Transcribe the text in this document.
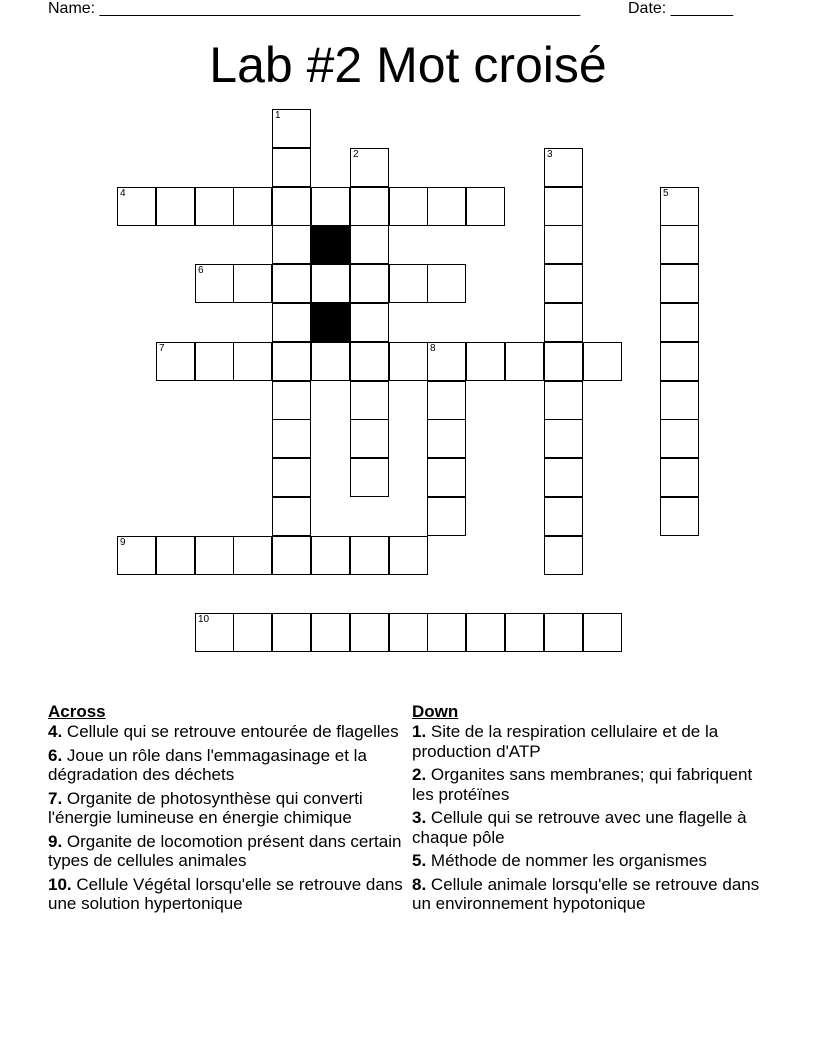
Name: ______________________________________________________	Date: _______
Lab #2 Mot croisé
1
2	3
5
8
4
6
7
9
10
Across
4. Cellule qui se retrouve entourée de flagelles
6. Joue un rôle dans l'emmagasinage et la dégradation des déchets
7. Organite de photosynthèse qui converti l'énergie lumineuse en énergie chimique
9. Organite de locomotion présent dans certain types de cellules animales
10. Cellule Végétal lorsqu'elle se retrouve dans une solution hypertonique
Down
1. Site de la respiration cellulaire et de la production d'ATP
2. Organites sans membranes; qui fabriquent les protéïnes
3. Cellule qui se retrouve avec une flagelle à chaque pôle
5. Méthode de nommer les organismes
8. Cellule animale lorsqu'elle se retrouve dans un environnement hypotonique
